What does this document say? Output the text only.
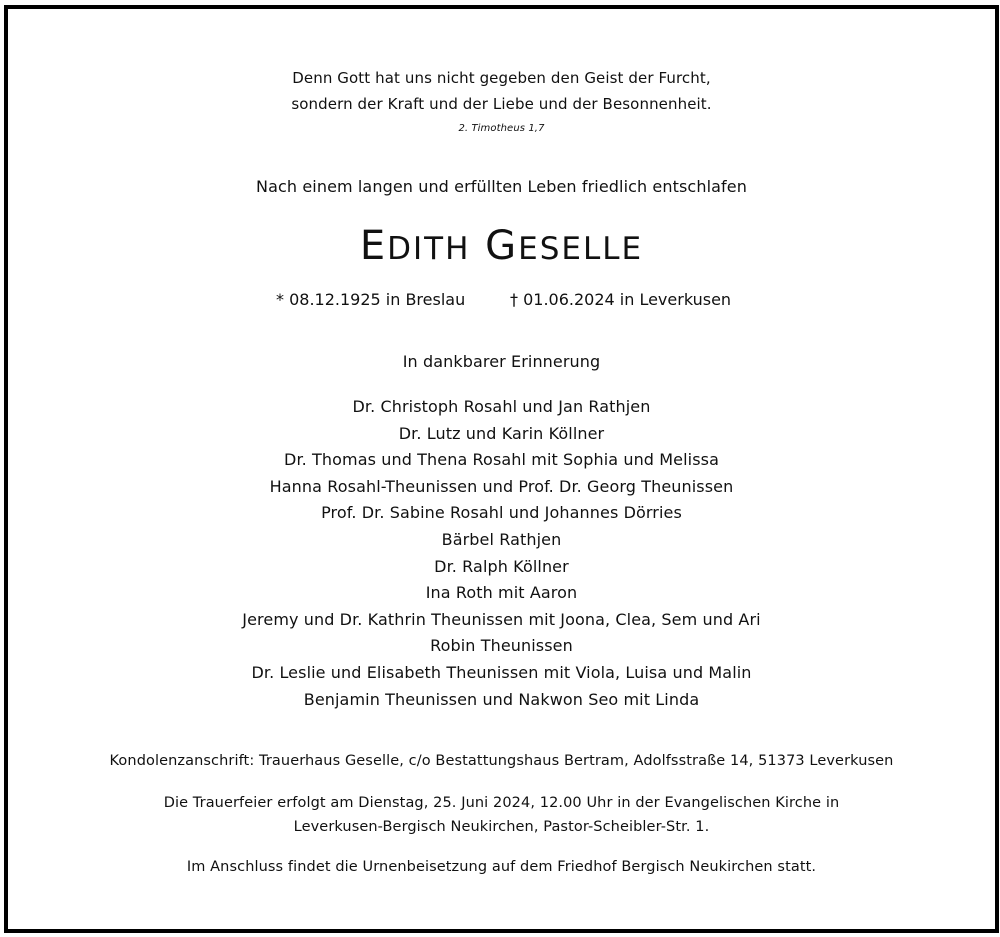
Denn Gott hat uns nicht gegeben den Geist der Furcht,
sondern der Kraft und der Liebe und der Besonnenheit.
2. Timotheus 1,7
Nach einem langen und erfüllten Leben friedlich entschlafen
EDITH GESELLE
* 08.12.1925 in Breslau	† 01.06.2024 in Leverkusen
In dankbarer Erinnerung
Dr. Christoph Rosahl und Jan Rathjen
Dr. Lutz und Karin Köllner
Dr. Thomas und Thena Rosahl mit Sophia und Melissa
Hanna Rosahl-Theunissen und Prof. Dr. Georg Theunissen
Prof. Dr. Sabine Rosahl und Johannes Dörries
Bärbel Rathjen
Dr. Ralph Köllner
Ina Roth mit Aaron
Jeremy und Dr. Kathrin Theunissen mit Joona, Clea, Sem und Ari
Robin Theunissen
Dr. Leslie und Elisabeth Theunissen mit Viola, Luisa und Malin
Benjamin Theunissen und Nakwon Seo mit Linda
Kondolenzanschrift: Trauerhaus Geselle, c/o Bestattungshaus Bertram, Adolfsstraße 14, 51373 Leverkusen
Die Trauerfeier erfolgt am Dienstag, 25. Juni 2024, 12.00 Uhr in der Evangelischen Kirche in
Leverkusen-Bergisch Neukirchen, Pastor-Scheibler-Str. 1.
Im Anschluss findet die Urnenbeisetzung auf dem Friedhof Bergisch Neukirchen statt.
